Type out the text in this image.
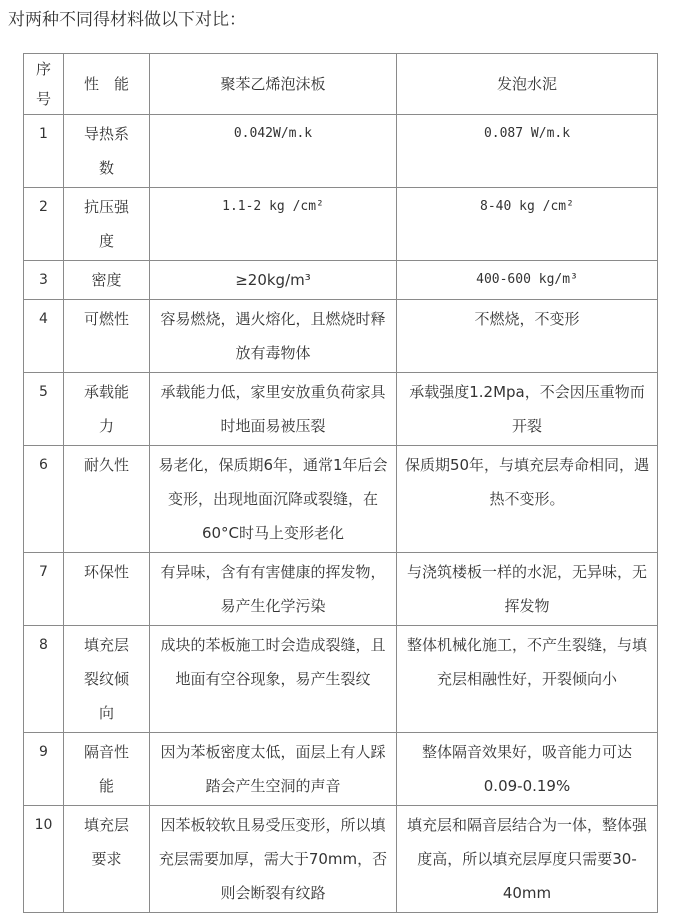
对两种不同得材料做以下对比：
序号	性　能	聚苯乙烯泡沫板	发泡水泥
1	导热系数	0.042W/m.k	0.087 W/m.k
2	抗压强度	1.1-2 kg /cm²	8-40 kg /cm²
3	密度	≥20kg/m³	400-600 kg/m³
4	可燃性	容易燃烧，遇火熔化，且燃烧时释放有毒物体	不燃烧，不变形
5	承载能力	承载能力低，家里安放重负荷家具时地面易被压裂	承载强度1.2Mpa，不会因压重物而开裂
6	耐久性	易老化，保质期6年，通常1年后会变形，出现地面沉降或裂缝，在60°C时马上变形老化	保质期50年，与填充层寿命相同，遇热不变形。
7	环保性	有异味，含有有害健康的挥发物，易产生化学污染	与浇筑楼板一样的水泥，无异味，无挥发物
8	填充层裂纹倾向	成块的苯板施工时会造成裂缝，且地面有空谷现象，易产生裂纹	整体机械化施工，不产生裂缝，与填充层相融性好，开裂倾向小
9	隔音性能	因为苯板密度太低，面层上有人踩踏会产生空洞的声音	整体隔音效果好，吸音能力可达0.09-0.19%
10	填充层要求	因苯板较软且易受压变形，所以填充层需要加厚，需大于70mm，否则会断裂有纹路	填充层和隔音层结合为一体，整体强度高，所以填充层厚度只需要30-40mm
